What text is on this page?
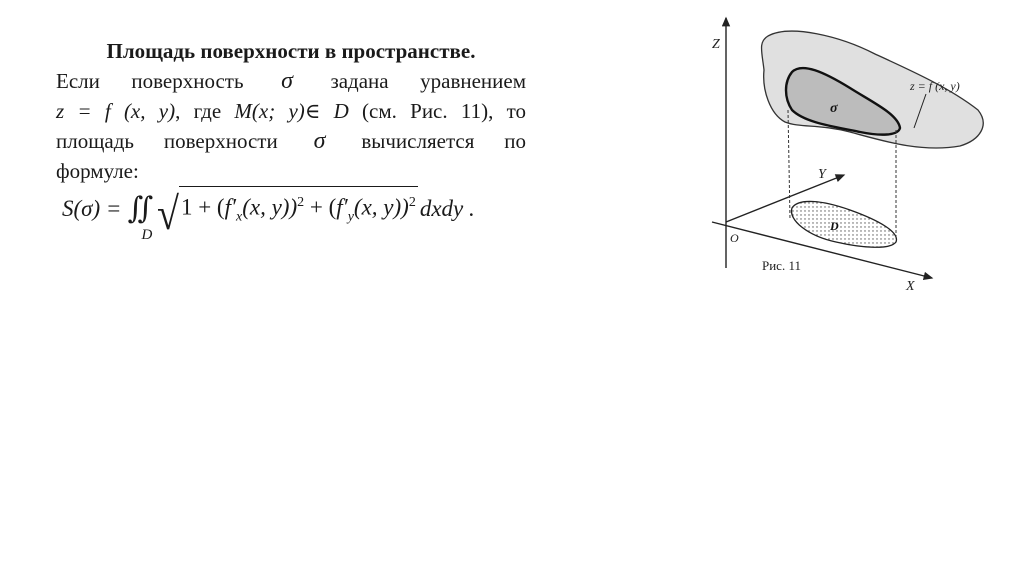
Площадь поверхности в пространстве.
Если поверхность σ задана уравнением
z = f (x, y), где M(x; y)∈ D (см. Рис. 11), то
площадь поверхности σ вычисляется по
формуле:
S(σ) = ∬
D √ $1 + (f'_x(x$, $y))^2 + (f'_y(x$, y))$^2$ dxdy .
Z
Y
X
O
z = f (x, y)
σ
D
Рис. 11
